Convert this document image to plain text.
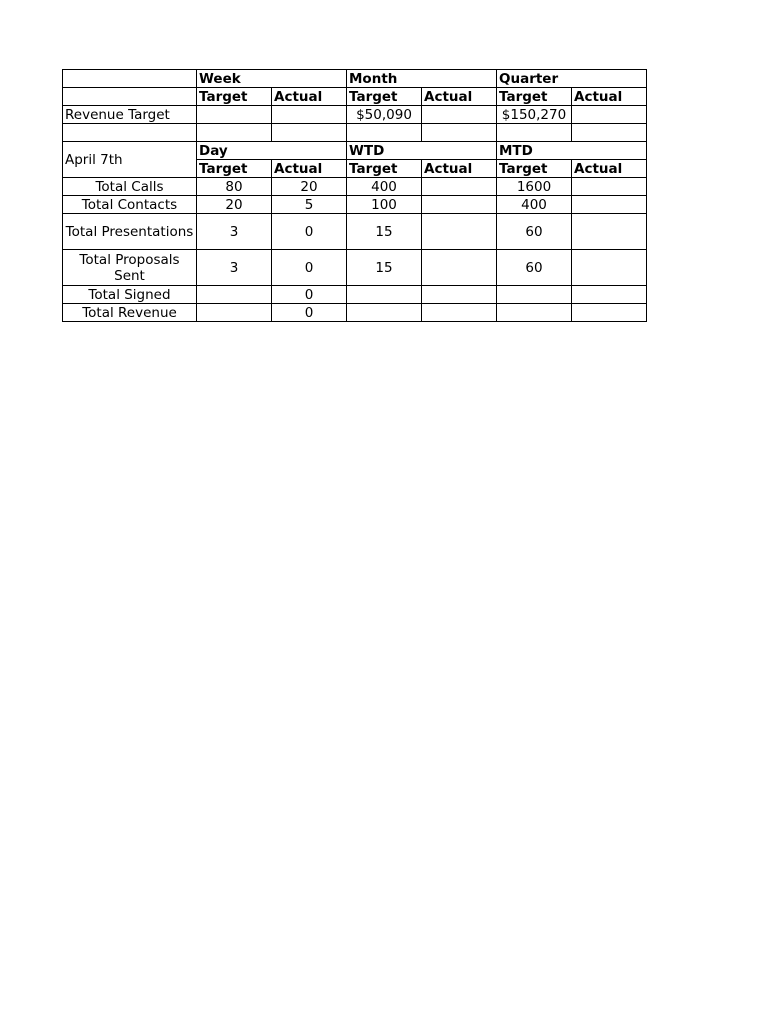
	Week		Month		Quarter	
	Target	Actual	Target	Actual	Target	Actual
Revenue Target			$50,090		$150,270	

April 7th	Day		WTD		MTD	
	Target	Actual	Target	Actual	Target	Actual
Total Calls	80	20	400		1600	
Total Contacts	20	5	100		400	
Total Presentations	3	0	15		60	
Total Proposals Sent	3	0	15		60	
Total Signed		0				
Total Revenue		0				
